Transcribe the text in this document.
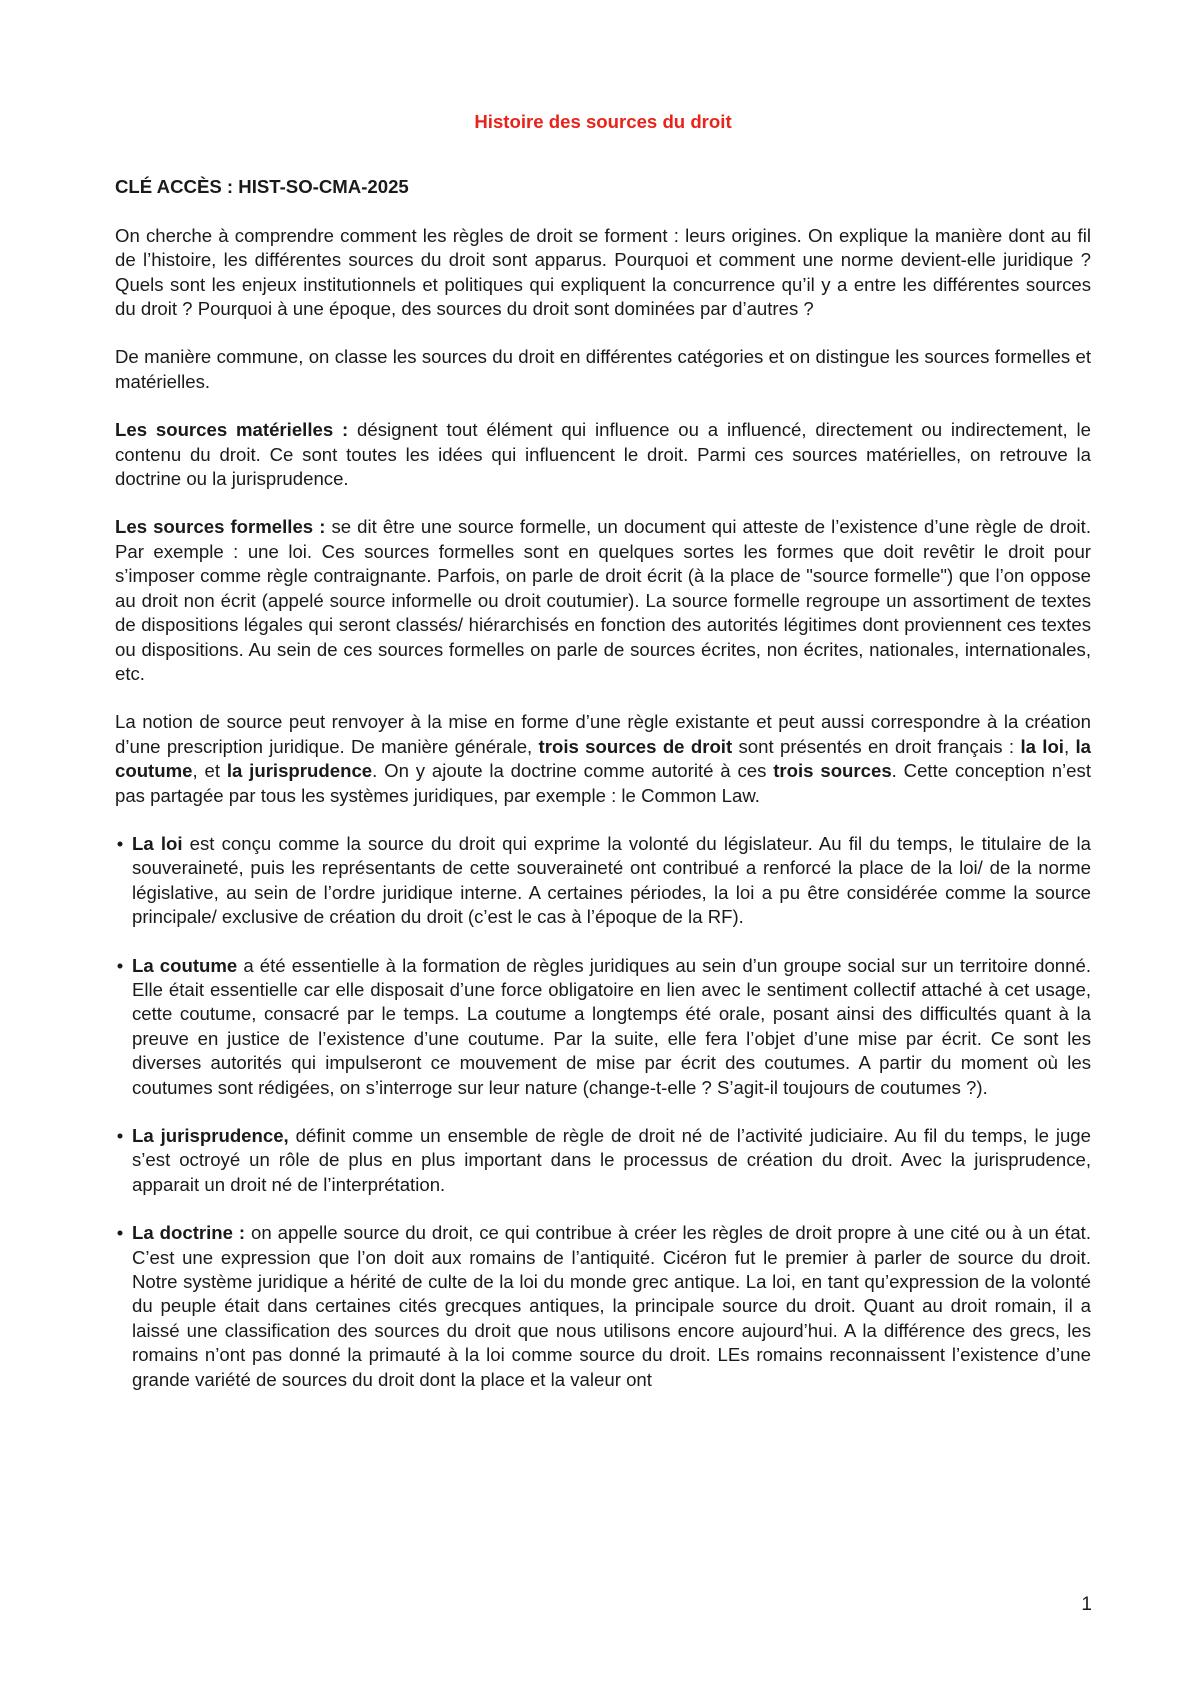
Histoire des sources du droit
CLÉ ACCÈS : HIST-SO-CMA-2025

On cherche à comprendre comment les règles de droit se forment : leurs origines. On explique la manière dont au fil de l’histoire, les différentes sources du droit sont apparus. Pourquoi et comment une norme devient-elle juridique ? Quels sont les enjeux institutionnels et politiques qui expliquent la concurrence qu’il y a entre les différentes sources du droit ? Pourquoi à une époque, des sources du droit sont dominées par d’autres ?

De manière commune, on classe les sources du droit en différentes catégories et on distingue les sources formelles et matérielles.

Les sources matérielles : désignent tout élément qui influence ou a influencé, directement ou indirectement, le contenu du droit. Ce sont toutes les idées qui influencent le droit. Parmi ces sources matérielles, on retrouve la doctrine ou la jurisprudence.

Les sources formelles : se dit être une source formelle, un document qui atteste de l’existence d’une règle de droit. Par exemple : une loi. Ces sources formelles sont en quelques sortes les formes que doit revêtir le droit pour s’imposer comme règle contraignante. Parfois, on parle de droit écrit (à la place de "source formelle") que l’on oppose au droit non écrit (appelé source informelle ou droit coutumier). La source formelle regroupe un assortiment de textes de dispositions légales qui seront classés/ hiérarchisés en fonction des autorités légitimes dont proviennent ces textes ou dispositions. Au sein de ces sources formelles on parle de sources écrites, non écrites, nationales, internationales, etc.

La notion de source peut renvoyer à la mise en forme d’une règle existante et peut aussi correspondre à la création d’une prescription juridique. De manière générale, trois sources de droit sont présentés en droit français : la loi, la coutume, et la jurisprudence. On y ajoute la doctrine comme autorité à ces trois sources. Cette conception n’est pas partagée par tous les systèmes juridiques, par exemple : le Common Law.

• La loi est conçu comme la source du droit qui exprime la volonté du législateur. Au fil du temps, le titulaire de la souveraineté, puis les représentants de cette souveraineté ont contribué a renforcé la place de la loi/ de la norme législative, au sein de l’ordre juridique interne. A certaines périodes, la loi a pu être considérée comme la source principale/ exclusive de création du droit (c’est le cas à l’époque de la RF).
• La coutume a été essentielle à la formation de règles juridiques au sein d’un groupe social sur un territoire donné. Elle était essentielle car elle disposait d’une force obligatoire en lien avec le sentiment collectif attaché à cet usage, cette coutume, consacré par le temps. La coutume a longtemps été orale, posant ainsi des difficultés quant à la preuve en justice de l’existence d’une coutume. Par la suite, elle fera l’objet d’une mise par écrit. Ce sont les diverses autorités qui impulseront ce mouvement de mise par écrit des coutumes. A partir du moment où les coutumes sont rédigées, on s’interroge sur leur nature (change-t-elle ? S’agit-il toujours de coutumes ?).
• La jurisprudence, définit comme un ensemble de règle de droit né de l’activité judiciaire. Au fil du temps, le juge s’est octroyé un rôle de plus en plus important dans le processus de création du droit. Avec la jurisprudence, apparait un droit né de l’interprétation.
• La doctrine : on appelle source du droit, ce qui contribue à créer les règles de droit propre à une cité ou à un état. C’est une expression que l’on doit aux romains de l’antiquité. Cicéron fut le premier à parler de source du droit. Notre système juridique a hérité de culte de la loi du monde grec antique. La loi, en tant qu’expression de la volonté du peuple était dans certaines cités grecques antiques, la principale source du droit. Quant au droit romain, il a laissé une classification des sources du droit que nous utilisons encore aujourd’hui. A la différence des grecs, les romains n’ont pas donné la primauté à la loi comme source du droit. LEs romains reconnaissent l’existence d’une grande variété de sources du droit dont la place et la valeur ont
1
